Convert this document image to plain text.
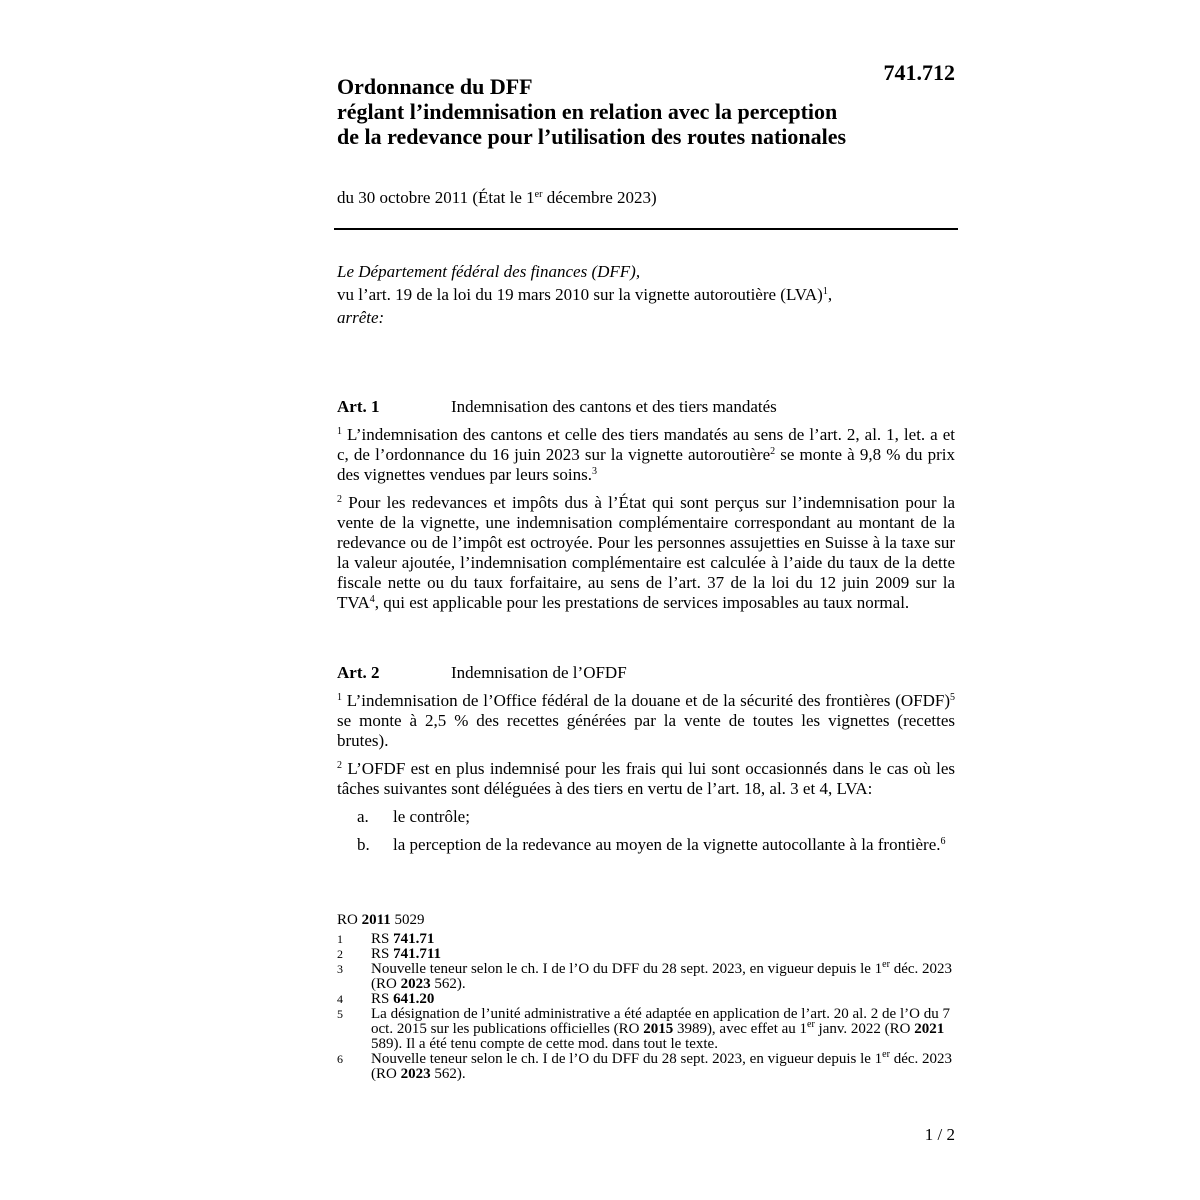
741.712
Ordonnance du DFF
réglant l’indemnisation en relation avec la perception
de la redevance pour l’utilisation des routes nationales
du 30 octobre 2011 (État le 1er décembre 2023)
Le Département fédéral des finances (DFF),
vu l’art. 19 de la loi du 19 mars 2010 sur la vignette autoroutière (LVA)$^1$,
arrête:
Art. 1	Indemnisation des cantons et des tiers mandatés

$^1$ L’indemnisation des cantons et celle des tiers mandatés au sens de l’art. 2, al. 1, let. a et c, de l’ordonnance du 16 juin 2023 sur la vignette autoroutière$^2$ se monte à 9,8 % du prix des vignettes vendues par leurs soins.$^3$

$^2$ Pour les redevances et impôts dus à l’État qui sont perçus sur l’indemnisation pour la vente de la vignette, une indemnisation complémentaire correspondant au montant de la redevance ou de l’impôt est octroyée. Pour les personnes assujetties en Suisse à la taxe sur la valeur ajoutée, l’indemnisation complémentaire est calculée à l’aide du taux de la dette fiscale nette ou du taux forfaitaire, au sens de l’art. 37 de la loi du 12 juin 2009 sur la TVA$^4$, qui est applicable pour les prestations de services imposables au taux normal.

Art. 2	Indemnisation de l’OFDF

$^1$ L’indemnisation de l’Office fédéral de la douane et de la sécurité des frontières (OFDF)$^5$ se monte à 2,5 % des recettes générées par la vente de toutes les vignettes (recettes brutes).

$^2$ L’OFDF est en plus indemnisé pour les frais qui lui sont occasionnés dans le cas où les tâches suivantes sont déléguées à des tiers en vertu de l’art. 18, al. 3 et 4, LVA:

a.	le contrôle;
b.	la perception de la redevance au moyen de la vignette autocollante à la frontière.$^6$
RO 2011 5029
1	RS 741.71
2	RS 741.711
3	Nouvelle teneur selon le ch. I de l’O du DFF du 28 sept. 2023, en vigueur depuis le 1er déc. 2023 (RO 2023 562).
4	RS 641.20
5	La désignation de l’unité administrative a été adaptée en application de l’art. 20 al. 2 de l’O du 7 oct. 2015 sur les publications officielles (RO 2015 3989), avec effet au 1er janv. 2022 (RO 2021 589). Il a été tenu compte de cette mod. dans tout le texte.
6	Nouvelle teneur selon le ch. I de l’O du DFF du 28 sept. 2023, en vigueur depuis le 1er déc. 2023 (RO 2023 562).
1 / 2
